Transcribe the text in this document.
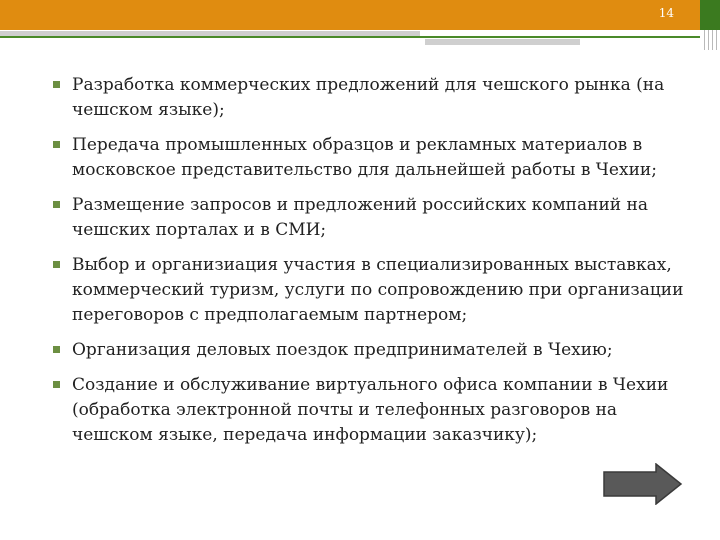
14
Разработка коммерческих предложений для чешского рынка (на чешском языке);
Передача промышленных образцов и рекламных материалов в московское представительство для дальнейшей работы в Чехии;
Размещение запросов и предложений российских компаний на чешских порталах и в СМИ;
Выбор и организиация участия в специализированных выставках, коммерческий туризм, услуги по сопровождению при организации переговоров с предполагаемым партнером;
Организация деловых поездок предпринимателей в Чехию;
Создание и обслуживание виртуального офиса компании в Чехии (обработка электронной почты и телефонных разговоров на чешском языке, передача информации заказчику);
